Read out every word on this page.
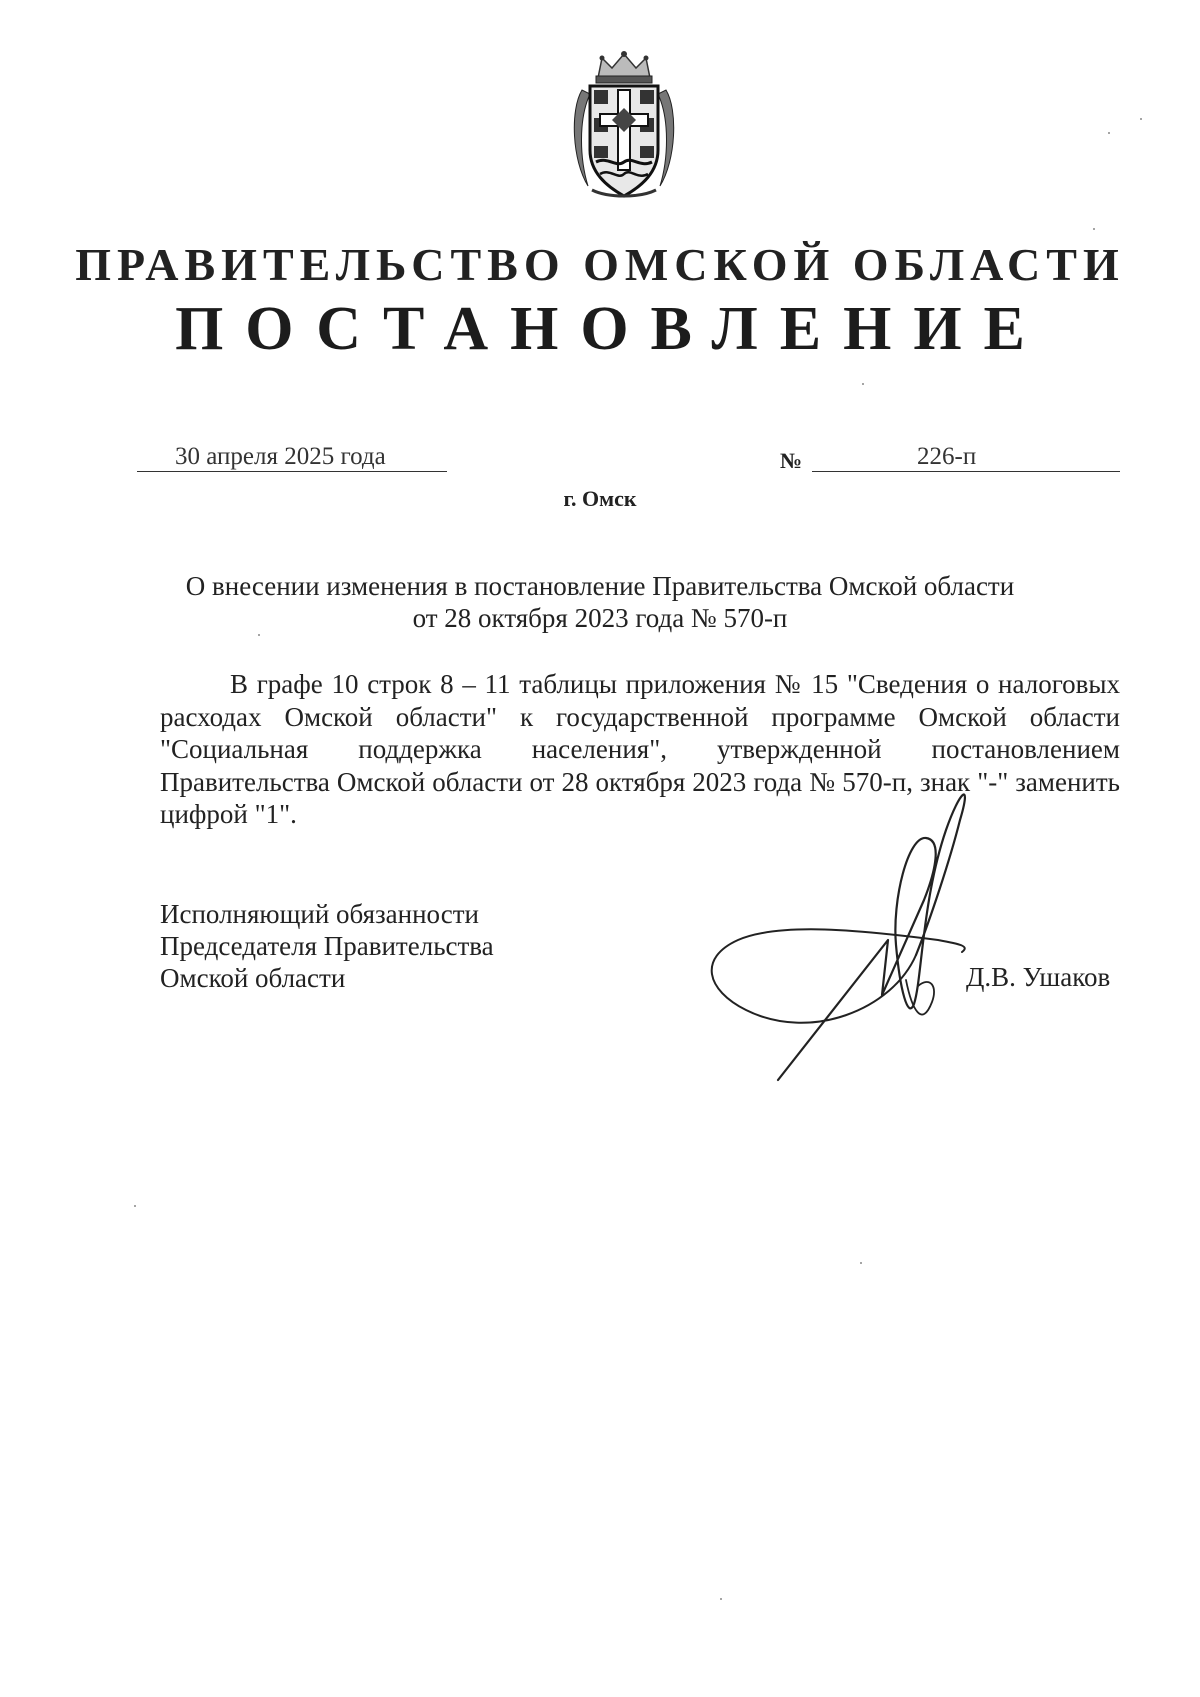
ПРАВИТЕЛЬСТВО ОМСКОЙ ОБЛАСТИ
ПОСТАНОВЛЕНИЕ
30 апреля 2025 года	№	226-п
г. Омск
О внесении изменения в постановление Правительства Омской области
от 28 октября 2023 года № 570-п
В графе 10 строк 8 – 11 таблицы приложения № 15 "Сведения о налоговых расходах Омской области" к государственной программе Омской области "Социальная поддержка населения", утвержденной постановлением Правительства Омской области от 28 октября 2023 года № 570-п, знак "-" заменить цифрой "1".
Исполняющий обязанности
Председателя Правительства
Омской области	Д.В. Ушаков
